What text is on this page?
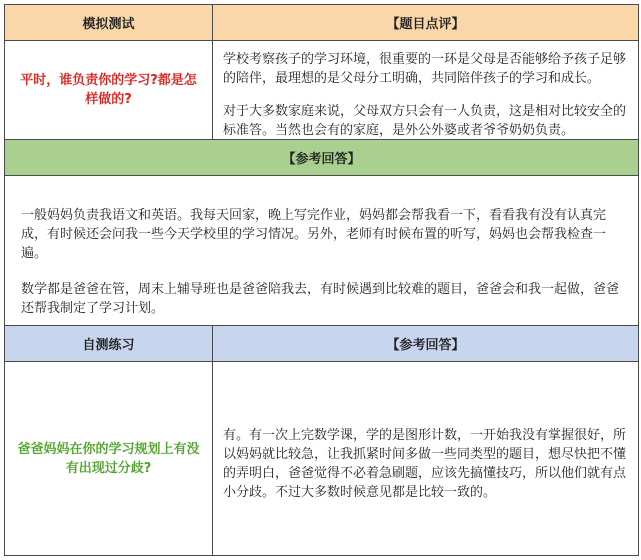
模拟测试	【题目点评】
平时，谁负责你的学习?都是怎样做的?

学校考察孩子的学习环境，很重要的一环是父母是否能够给予孩子足够的陪伴，最理想的是父母分工明确，共同陪伴孩子的学习和成长。

对于大多数家庭来说，父母双方只会有一人负责，这是相对比较安全的标准答。当然也会有的家庭，是外公外婆或者爷爷奶奶负责。

【参考回答】

一般妈妈负责我语文和英语。我每天回家，晚上写完作业，妈妈都会帮我看一下，看看我有没有认真完成，有时候还会问我一些今天学校里的学习情况。另外，老师有时候布置的听写，妈妈也会帮我检查一遍。

数学都是爸爸在管，周末上辅导班也是爸爸陪我去，有时候遇到比较难的题目，爸爸会和我一起做，爸爸还帮我制定了学习计划。

自测练习	【参考回答】
爸爸妈妈在你的学习规划上有没有出现过分歧?

有。有一次上完数学课，学的是图形计数，一开始我没有掌握很好，所以妈妈就比较急，让我抓紧时间多做一些同类型的题目，想尽快把不懂的弄明白，爸爸觉得不必着急刷题，应该先搞懂技巧，所以他们就有点小分歧。不过大多数时候意见都是比较一致的。
